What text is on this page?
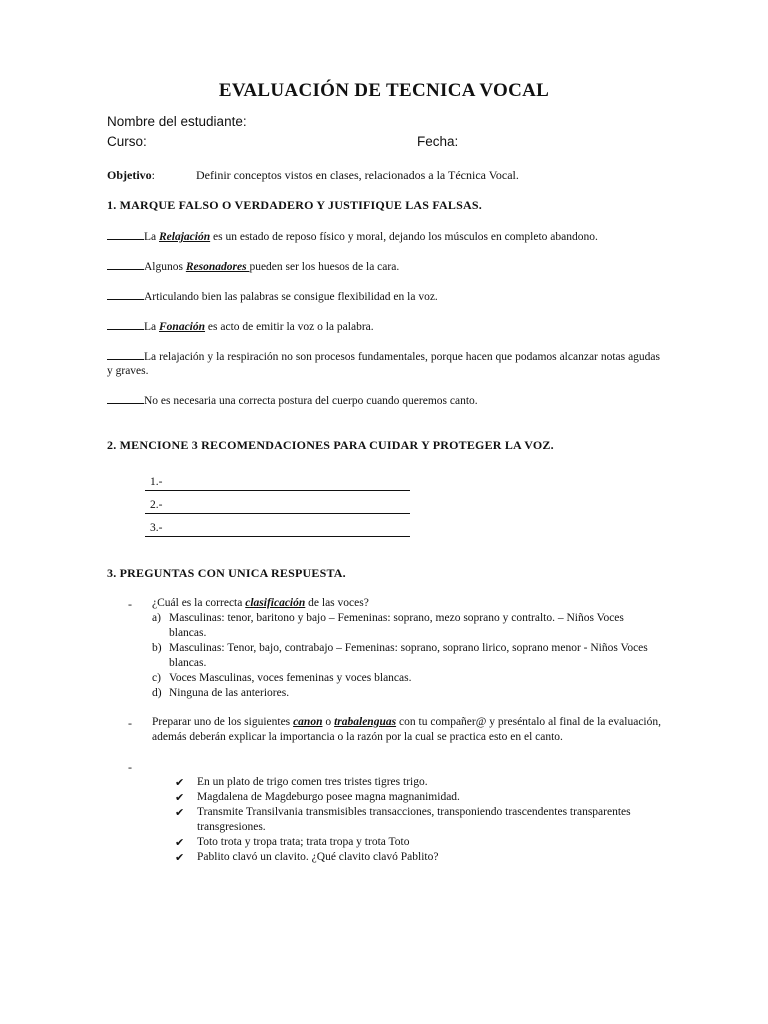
EVALUACIÓN DE TECNICA VOCAL
Nombre del estudiante:
Curso:	Fecha:
Objetivo:	Definir conceptos vistos en clases, relacionados a la Técnica Vocal.
1. MARQUE FALSO O VERDADERO Y JUSTIFIQUE LAS FALSAS.
La Relajación es un estado de reposo físico y moral, dejando los músculos en completo abandono.
Algunos Resonadores pueden ser los huesos de la cara.
Articulando bien las palabras se consigue flexibilidad en la voz.
La Fonación es acto de emitir la voz o la palabra.
La relajación y la respiración no son procesos fundamentales, porque hacen que podamos alcanzar notas agudas y graves.
No es necesaria una correcta postura del cuerpo cuando queremos canto.
2. MENCIONE 3 RECOMENDACIONES PARA CUIDAR Y PROTEGER LA VOZ.
1.-
2.-
3.-
3. PREGUNTAS CON UNICA RESPUESTA.
- ¿Cuál es la correcta clasificación de las voces?
a) Masculinas: tenor, baritono y bajo – Femeninas: soprano, mezo soprano y contralto. – Niños Voces blancas.
b) Masculinas: Tenor, bajo, contrabajo – Femeninas: soprano, soprano lirico, soprano menor - Niños Voces blancas.
c) Voces Masculinas, voces femeninas y voces blancas.
d) Ninguna de las anteriores.
- Preparar uno de los siguientes canon o trabalenguas con tu compañer@ y preséntalo al final de la evaluación, además deberán explicar la importancia o la razón por la cual se practica esto en el canto.
-
✔ En un plato de trigo comen tres tristes tigres trigo.
✔ Magdalena de Magdeburgo posee magna magnanimidad.
✔ Transmite Transilvania transmisibles transacciones, transponiendo trascendentes transparentes transgresiones.
✔ Toto trota y tropa trata; trata tropa y trota Toto
✔ Pablito clavó un clavito. ¿Qué clavito clavó Pablito?
